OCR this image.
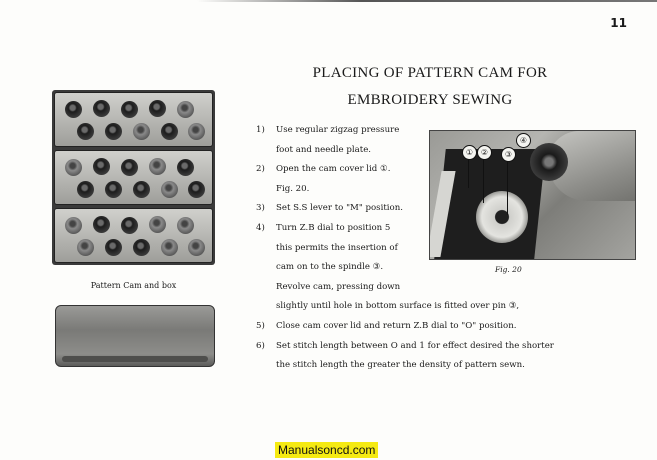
11
PLACING OF PATTERN CAM FOR
EMBROIDERY SEWING
Pattern Cam and box
1)	Use regular zigzag pressure
foot and needle plate.
2)	Open the cam cover lid ①.
Fig. 20.
3)	Set S.S lever to "M" position.
4)	Turn Z.B dial to position 5
this permits the insertion of
cam on to the spindle ③.
Revolve cam, pressing down
slightly until hole in bottom surface is fitted over pin ③,
5)	Close cam cover lid and return Z.B dial to "O" position.
6)	Set stitch length between O and 1 for effect desired the shorter
the stitch length the greater the density of pattern sewn.
① ②	③
④
Fig. 20
Manualsoncd.com
